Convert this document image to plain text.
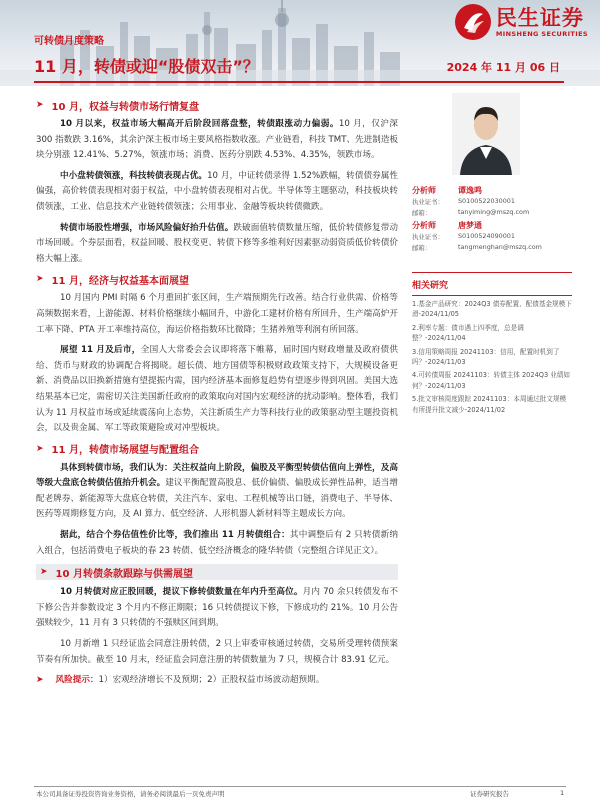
民生证券
MINSHENG SECURITIES
可转债月度策略
11 月，转债或迎“股债双击”？	2024 年 11 月 06 日
➤ 10 月，权益与转债市场行情复盘

10 月以来，权益市场大幅高开后阶段回落盘整，转债跟涨动力偏弱。10 月，仅沪深 300 指数跌 3.16%，其余沪深主板市场主要风格指数收涨。产业链看，科技 TMT、先进制造板块分别涨 12.41%、5.27%，领涨市场；消费、医药分别跌 4.53%、4.35%，领跌市场。

中小盘转债领涨，科技转债表现占优。10 月，中证转债录得 1.52%跌幅，转债债券属性偏强，高价转债表现相对弱于权益，中小盘转债表现相对占优。半导体等主题驱动，科技板块转债领涨，工业、信息技术产业链转债领涨；公用事业、金融等板块转债微跌。

转债市场股性增强，市场风险偏好抬升估值。跌破面值转债数量压缩，低价转债修复带动市场回暖。个券层面看，权益回暖、股权变更、转债下修等多维利好因素驱动弱资质低价转债价格大幅上涨。

➤ 11 月，经济与权益基本面展望

10 月国内 PMI 时隔 6 个月重回扩张区间，生产端预期先行改善。结合行业供需、价格等高频数据来看，上游能源、材料价格继续小幅回升，中游化工建材价格有所回升，生产端高炉开工率下降、PTA 开工率维持高位，海运价格指数环比微降；生猪养殖等利润有所回落。

展望 11 月及后市，全国人大常委会会议即将落下帷幕，届时国内财政增量及政府债供给、货币与财政的协调配合将揭晓。超长债、地方国债等积极财政政策支持下，大规模设备更新、消费品以旧换新措施有望提振内需，国内经济基本面修复趋势有望逐步得到巩固。美国大选结果基本已定，需密切关注美国新任政府的政策取向对国内宏观经济的扰动影响。整体看，我们认为 11 月权益市场或延续震荡向上态势，关注新质生产力等科技行业的政策驱动型主题投资机会，以及贵金属、军工等政策避险或对冲型板块。

➤ 11 月，转债市场展望与配置组合

具体到转债市场，我们认为：关注权益向上阶段，偏股及平衡型转债估值向上弹性，及高等级大盘底仓转债估值抬升机会。建议平衡配置高股息、低价偏债、偏股成长弹性品种，适当增配老牌券、新能源等大盘底仓转债，关注汽车、家电、工程机械等出口链，消费电子、半导体、医药等周期修复方向，及 AI 算力、低空经济、人形机器人新材料等主题成长方向。

据此，结合个券估值性价比等，我们推出 11 月转债组合：其中调整后有 2 只转债新纳入组合，包括消费电子板块的春 23 转债、低空经济概念的隆华转债（完整组合详见正文）。

➤ 10 月转债条款跟踪与供需展望

10 月转债对应正股回暖，提议下修转债数量在年内升至高位。月内 70 余只转债发布不下修公告并参数设定 3 个月内不修正期限；16 只转债提议下修，下修成功约 21%。10 月公告强赎较少，11 月有 3 只转债的不强赎区间到期。

10 月新增 1 只经证监会同意注册转债，2 只上审委审核通过转债，交易所受理转债预案节奏有所加快。截至 10 月末，经证监会同意注册的转债数量为 7 只，规模合计 83.91 亿元。

➤ 风险提示：1）宏观经济增长不及预期；2）正股权益市场波动超预期。
分析师	谭逸鸣
执业证书：	S0100522030001
邮箱：	tanyiming@mszq.com
分析师	唐梦通
执业证书：	S0100524090001
邮箱：	tangmenghan@mszq.com
相关研究
1.基金产品研究：2024Q3 债券配置、配债基金规模下滑-2024/11/05
2.利率专题：债市遇上四季度，总是调整？-2024/11/04
3.信用策略周报 20241103：信用，配置时机到了吗？-2024/11/03
4.可转债周报 20241103：转债主体 2024Q3 业绩如何？-2024/11/03
5.批文审核周度跟踪 20241103：本周通过批文规模有所提升批文减少-2024/11/02
本公司具备证券投资咨询业务资格，请务必阅读最后一页免责声明	证券研究报告	1
